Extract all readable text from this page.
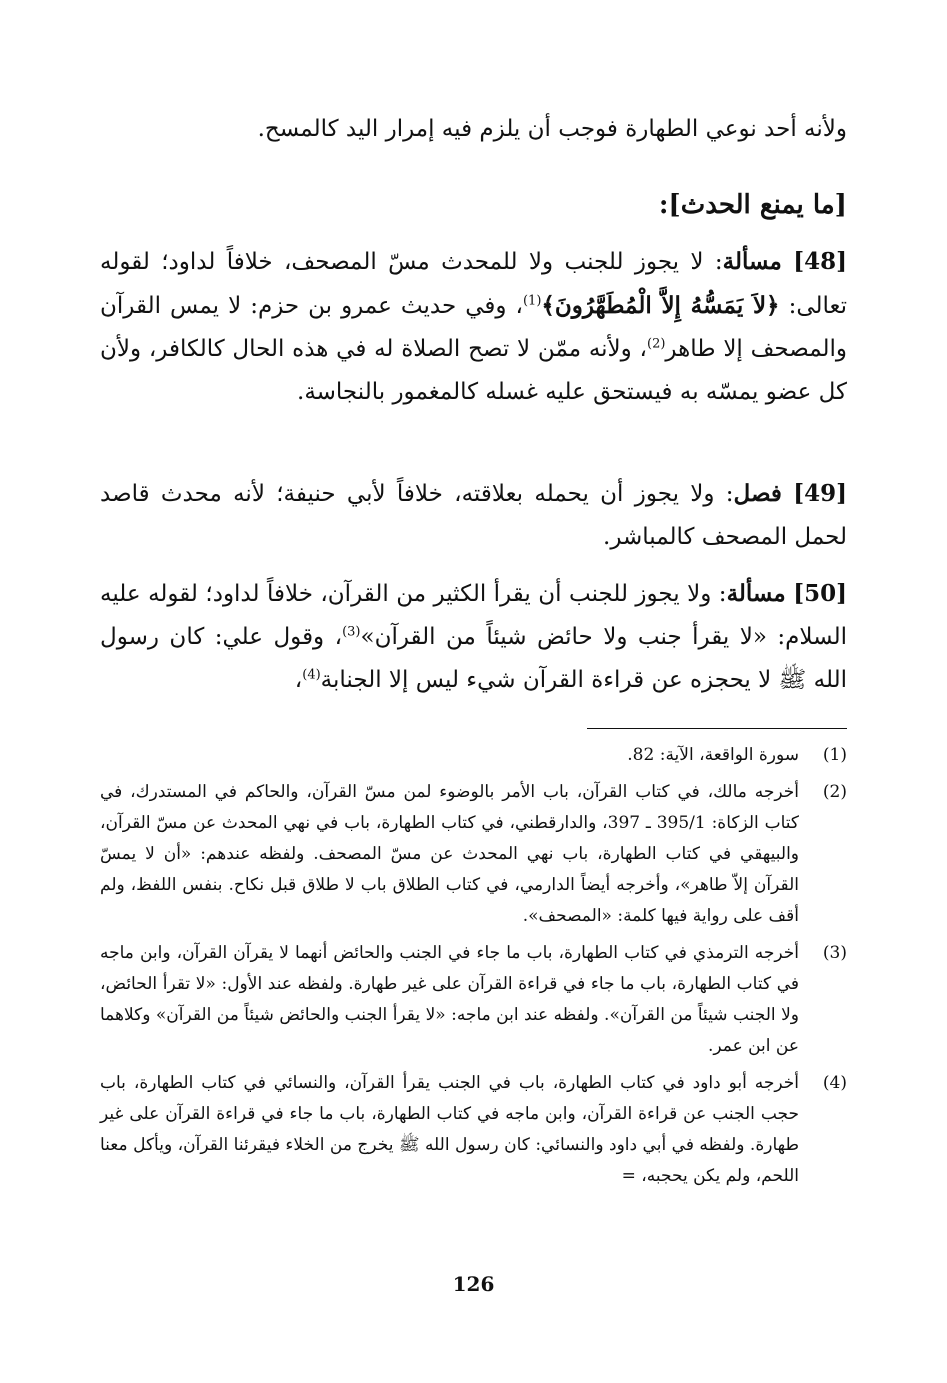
ولأنه أحد نوعي الطهارة فوجب أن يلزم فيه إمرار اليد كالمسح.

[ما يمنع الحدث]:

[48] مسألة: لا يجوز للجنب ولا للمحدث مسّ المصحف، خلافاً لداود؛ لقوله تعالى: ﴿لاَ يَمَسُّهُ إِلاَّ الْمُطَهَّرُونَ﴾$^{(1)}$، وفي حديث عمرو بن حزم: لا يمس القرآن والمصحف إلا طاهر$^{(2)}$، ولأنه ممّن لا تصح الصلاة له في هذه الحال كالكافر، ولأن كل عضو يمسّه به فيستحق عليه غسله كالمغمور بالنجاسة.

[49] فصل: ولا يجوز أن يحمله بعلاقته، خلافاً لأبي حنيفة؛ لأنه محدث قاصد لحمل المصحف كالمباشر.

[50] مسألة: ولا يجوز للجنب أن يقرأ الكثير من القرآن، خلافاً لداود؛ لقوله عليه السلام: «لا يقرأ جنب ولا حائض شيئاً من القرآن»$^{(3)}$، وقول علي: كان رسول الله ﷺ لا يحجزه عن قراءة القرآن شيء ليس إلا الجنابة$^{(4)}$،

(1)
سورة الواقعة، الآية: 82.
(2)
أخرجه مالك، في كتاب القرآن، باب الأمر بالوضوء لمن مسّ القرآن، والحاكم في المستدرك، في كتاب الزكاة: 395/1 ـ 397، والدارقطني، في كتاب الطهارة، باب في نهي المحدث عن مسّ القرآن، والبيهقي في كتاب الطهارة، باب نهي المحدث عن مسّ المصحف. ولفظه عندهم: «أن لا يمسّ القرآن إلاّ طاهر»، وأخرجه أيضاً الدارمي، في كتاب الطلاق باب لا طلاق قبل نكاح. بنفس اللفظ، ولم أقف على رواية فيها كلمة: «المصحف».
(3)
أخرجه الترمذي في كتاب الطهارة، باب ما جاء في الجنب والحائض أنهما لا يقرآن القرآن، وابن ماجه في كتاب الطهارة، باب ما جاء في قراءة القرآن على غير طهارة. ولفظه عند الأول: «لا تقرأ الحائض، ولا الجنب شيئاً من القرآن». ولفظه عند ابن ماجه: «لا يقرأ الجنب والحائض شيئاً من القرآن» وكلاهما عن ابن عمر.
(4)
أخرجه أبو داود في كتاب الطهارة، باب في الجنب يقرأ القرآن، والنسائي في كتاب الطهارة، باب حجب الجنب عن قراءة القرآن، وابن ماجه في كتاب الطهارة، باب ما جاء في قراءة القرآن على غير طهارة. ولفظه في أبي داود والنسائي: كان رسول الله ﷺ يخرج من الخلاء فيقرئنا القرآن، ويأكل معنا اللحم، ولم يكن يحجبه، =
126
